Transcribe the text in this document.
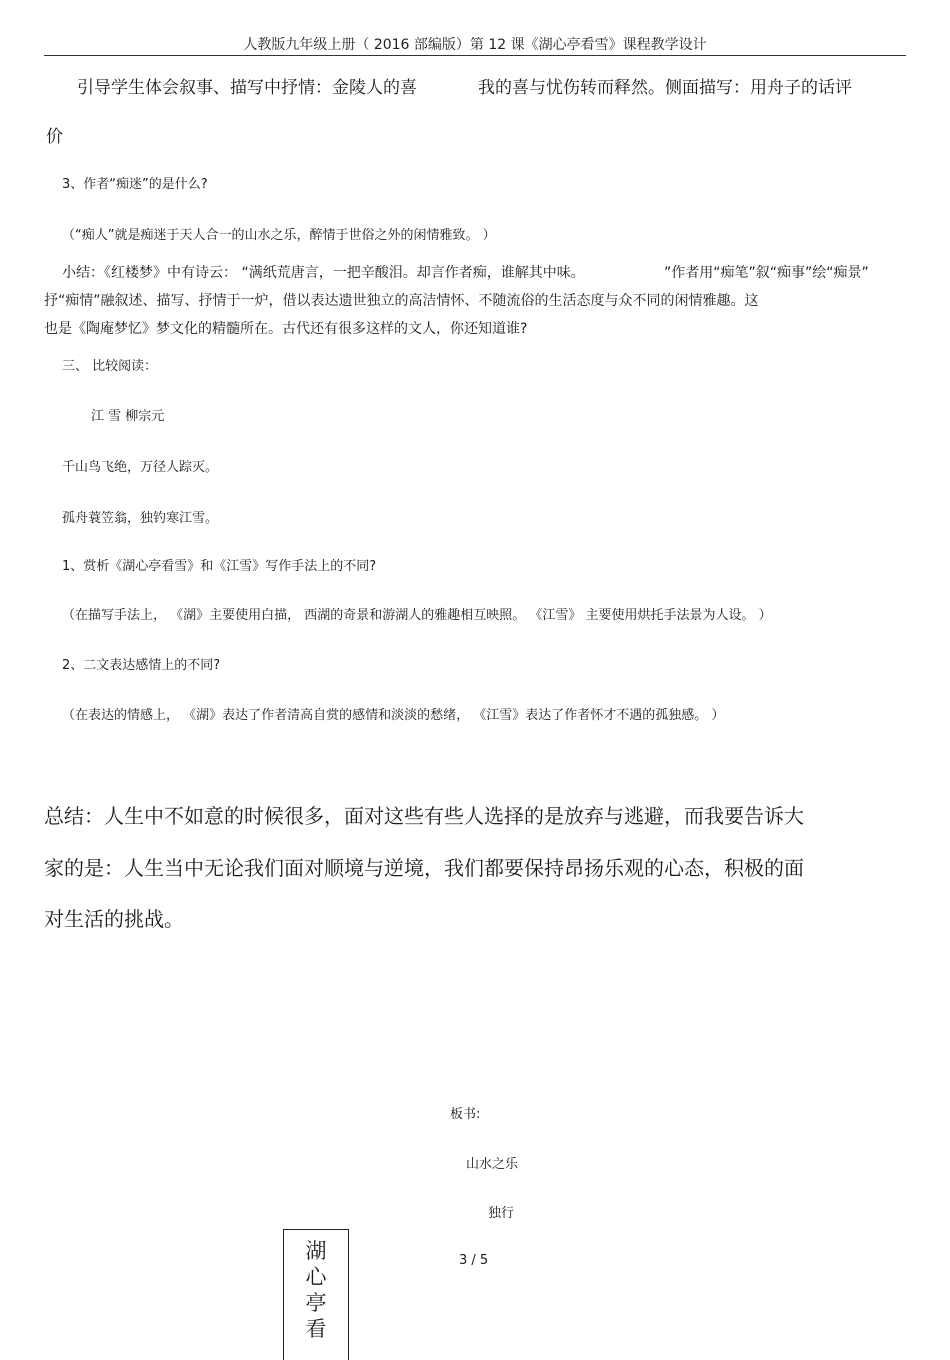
人教版九年级上册（ 2016 部编版）第 12 课《湖心亭看雪》课程教学设计
引导学生体会叙事、描写中抒情：金陵人的喜	我的喜与忧伤转而释然。侧面描写：用舟子的话评
价
3、作者“痴迷”的是什么?
（“痴人”就是痴迷于天人合一的山水之乐，醉情于世俗之外的闲情雅致。 ）
小结：《红楼梦》中有诗云： “满纸荒唐言，一把辛酸泪。却言作者痴，谁解其中味。	”作者用“痴笔”叙“痴事”绘“痴景”
抒“痴情”融叙述、描写、抒情于一炉，借以表达遗世独立的高洁情怀、不随流俗的生活态度与众不同的闲情雅趣。这
也是《陶庵梦忆》梦文化的精髓所在。古代还有很多这样的文人，你还知道谁?
三、 比较阅读：
江 雪 柳宗元
千山鸟飞绝，万径人踪灭。
孤舟蓑笠翁，独钓寒江雪。
1、赏析《湖心亭看雪》和《江雪》写作手法上的不同?
（在描写手法上， 《湖》主要使用白描， 西湖的奇景和游湖人的雅趣相互映照。 《江雪》 主要使用烘托手法景为人设。 ）
2、二文表达感情上的不同?
（在表达的情感上， 《湖》表达了作者清高自赏的感情和淡淡的愁绪， 《江雪》表达了作者怀才不遇的孤独感。 ）
总结：人生中不如意的时候很多，面对这些有些人选择的是放弃与逃避，而我要告诉大
家的是：人生当中无论我们面对顺境与逆境，我们都要保持昂扬乐观的心态，积极的面
对生活的挑战。
板书:
山水之乐
独行
湖
心
亭
看
3 / 5
